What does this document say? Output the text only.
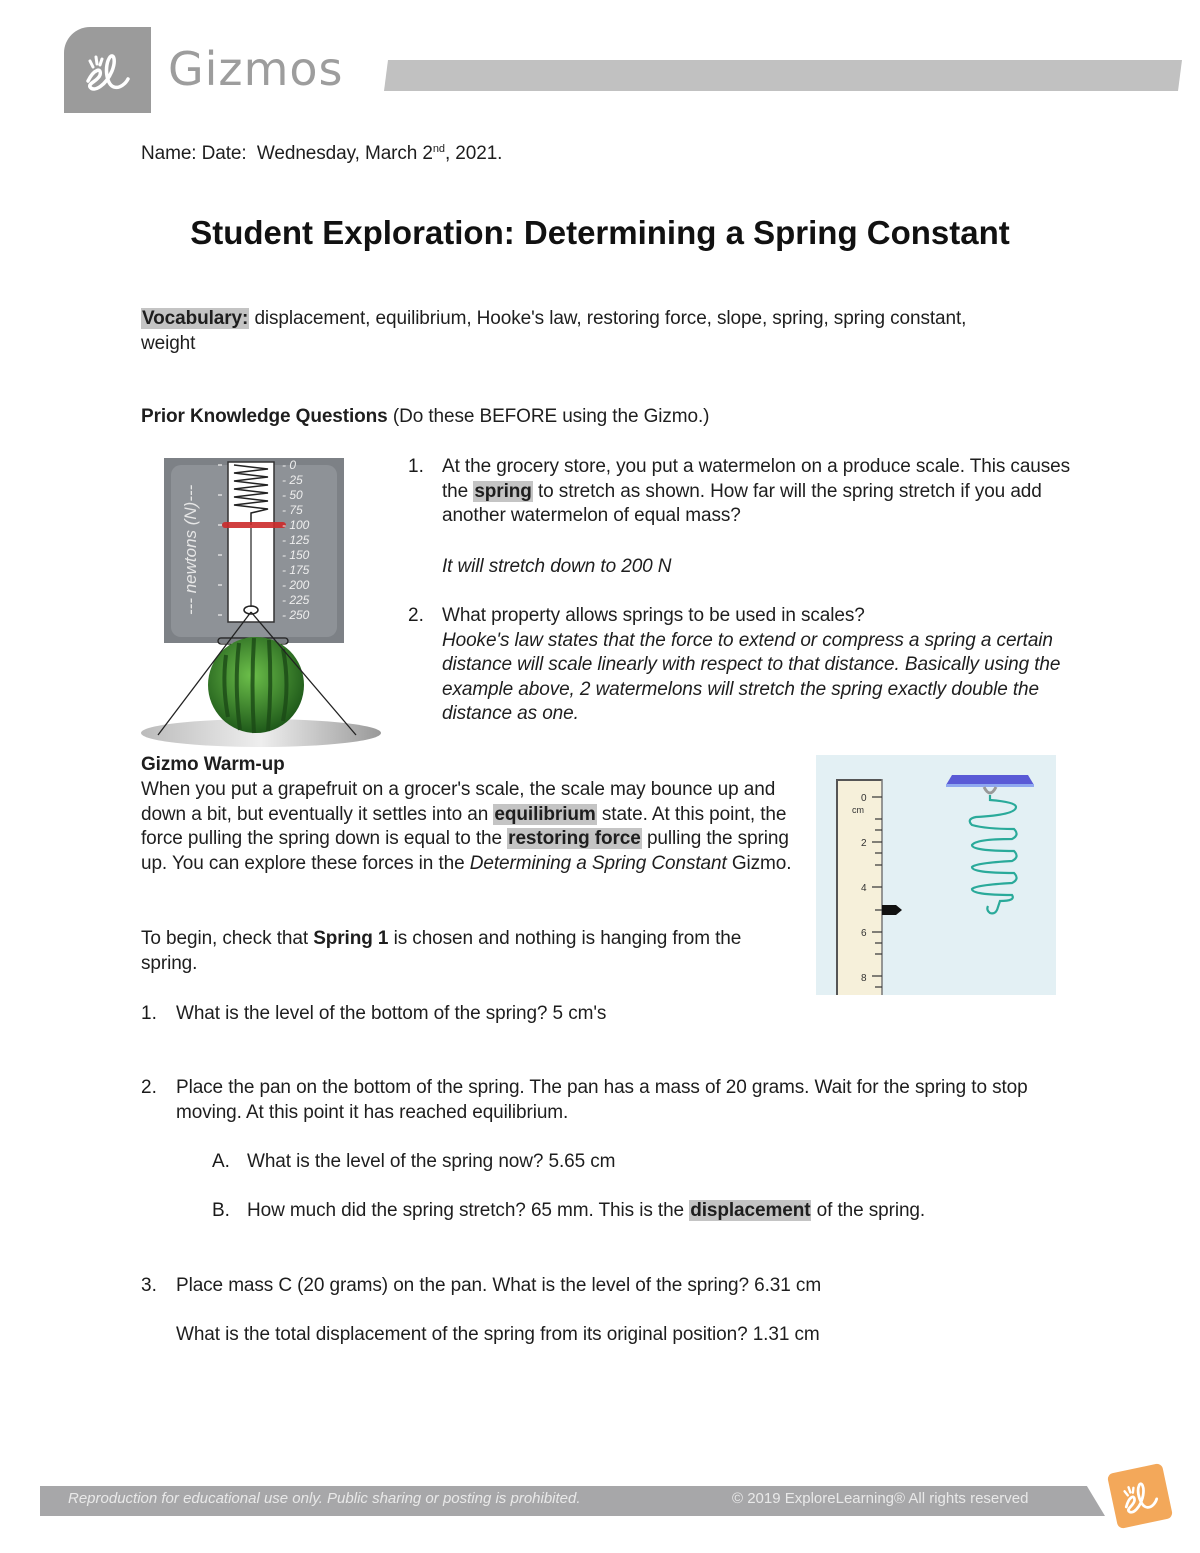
Gizmos
Name: Date: Wednesday, March 2nd, 2021.
Student Exploration: Determining a Spring Constant
Vocabulary: displacement, equilibrium, Hooke's law, restoring force, slope, spring, spring constant, weight
Prior Knowledge Questions (Do these BEFORE using the Gizmo.)
--- newtons (N)---
- 0
- 25
- 50
- 75
- 100
- 125
- 150
- 175
- 200
- 225
- 250
1. At the grocery store, you put a watermelon on a produce scale. This causes the spring to stretch as shown. How far will the spring stretch if you add another watermelon of equal mass?
It will stretch down to 200 N
2. What property allows springs to be used in scales?
Hooke's law states that the force to extend or compress a spring a certain distance will scale linearly with respect to that distance. Basically using the example above, 2 watermelons will stretch the spring exactly double the distance as one.
Gizmo Warm-up
When you put a grapefruit on a grocer's scale, the scale may bounce up and down a bit, but eventually it settles into an equilibrium state. At this point, the force pulling the spring down is equal to the restoring force pulling the spring up. You can explore these forces in the Determining a Spring Constant Gizmo.
0
cm
2
4
6
8
To begin, check that Spring 1 is chosen and nothing is hanging from the spring.
1. What is the level of the bottom of the spring? 5 cm's
2. Place the pan on the bottom of the spring. The pan has a mass of 20 grams. Wait for the spring to stop moving. At this point it has reached equilibrium.
A. What is the level of the spring now? 5.65 cm
B. How much did the spring stretch? 65 mm. This is the displacement of the spring.
3. Place mass C (20 grams) on the pan. What is the level of the spring? 6.31 cm
What is the total displacement of the spring from its original position? 1.31 cm
Reproduction for educational use only. Public sharing or posting is prohibited.	© 2019 ExploreLearning® All rights reserved
